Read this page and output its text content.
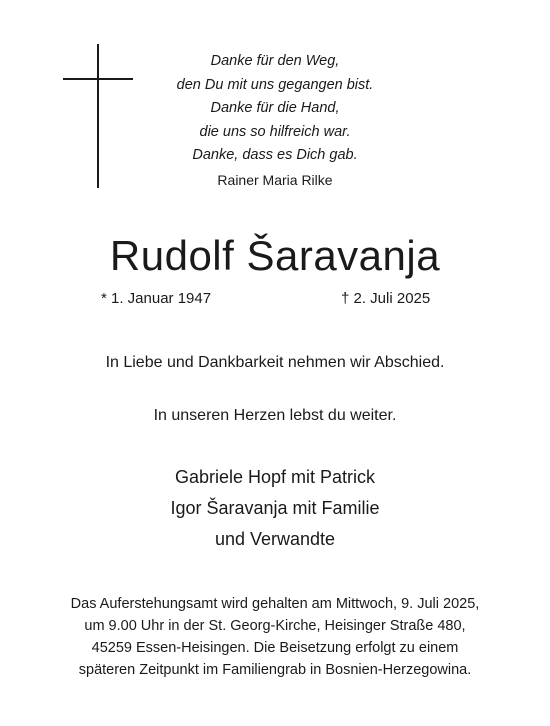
Danke für den Weg,
den Du mit uns gegangen bist.
Danke für die Hand,
die uns so hilfreich war.
Danke, dass es Dich gab.
Rainer Maria Rilke
Rudolf Šaravanja
* 1. Januar 1947	† 2. Juli 2025
In Liebe und Dankbarkeit nehmen wir Abschied.
In unseren Herzen lebst du weiter.
Gabriele Hopf mit Patrick
Igor Šaravanja mit Familie
und Verwandte
Das Auferstehungsamt wird gehalten am Mittwoch, 9. Juli 2025,
um 9.00 Uhr in der St. Georg-Kirche, Heisinger Straße 480,
45259 Essen-Heisingen. Die Beisetzung erfolgt zu einem
späteren Zeitpunkt im Familiengrab in Bosnien-Herzegowina.
